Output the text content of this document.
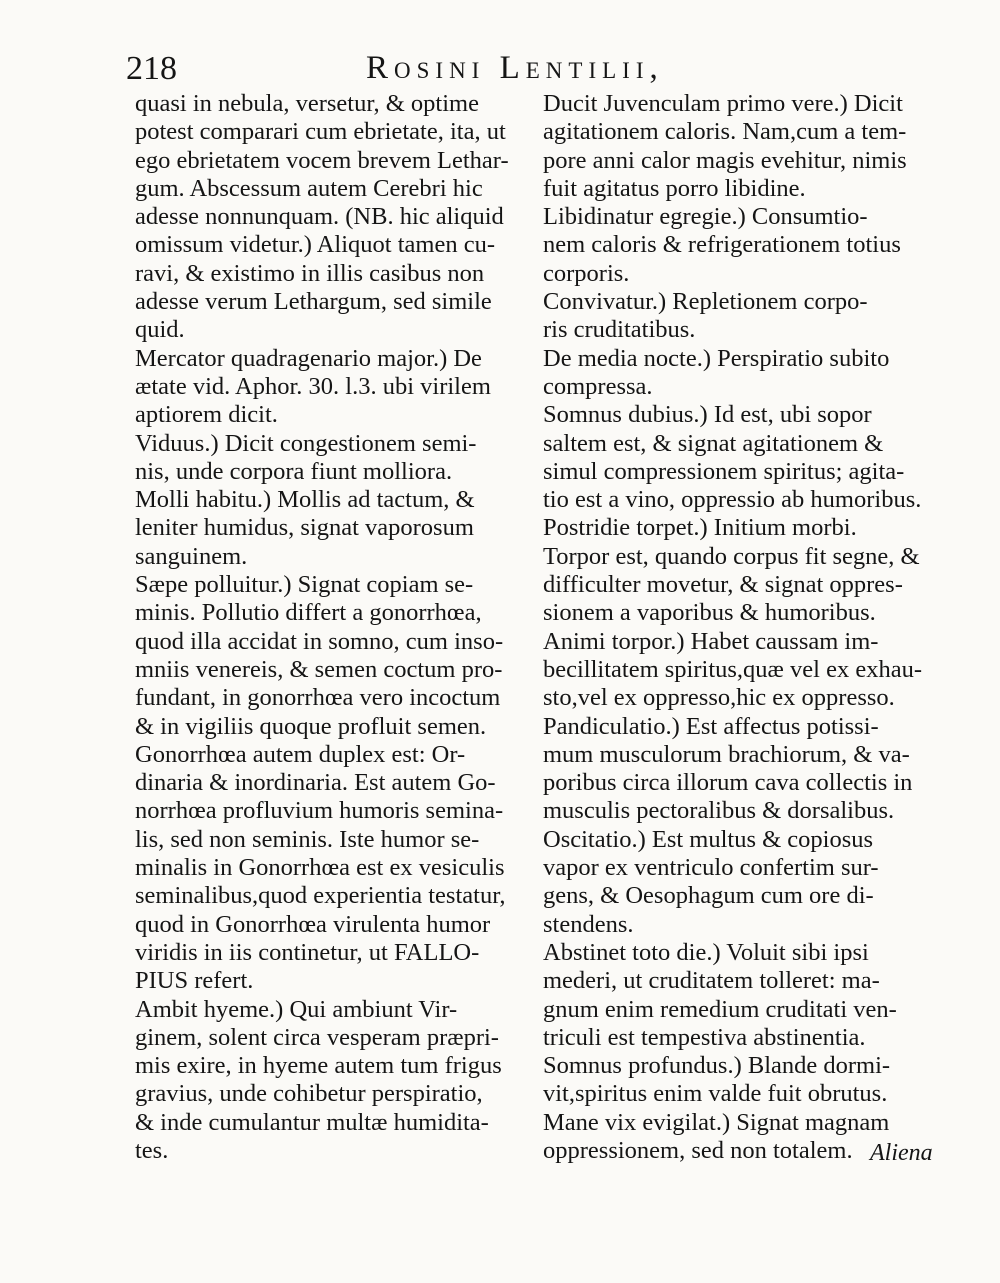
218	Rosini Lentilii,
quasi in nebula, versetur, & optime
potest comparari cum ebrietate, ita, ut
ego ebrietatem vocem brevem Lethar-
gum. Abscessum autem Cerebri hic
adesse nonnunquam. (NB. hic aliquid
omissum videtur.) Aliquot tamen cu-
ravi, & existimo in illis casibus non
adesse verum Lethargum, sed simile
quid.
Mercator quadragenario major.) De
ætate vid. Aphor. 30. l.3. ubi virilem
aptiorem dicit.
Viduus.) Dicit congestionem semi-
nis, unde corpora fiunt molliora.
Molli habitu.) Mollis ad tactum, &
leniter humidus, signat vaporosum
sanguinem.
Sæpe polluitur.) Signat copiam se-
minis. Pollutio differt a gonorrhœa,
quod illa accidat in somno, cum inso-
mniis venereis, & semen coctum pro-
fundant, in gonorrhœa vero incoctum
& in vigiliis quoque profluit semen.
Gonorrhœa autem duplex est: Or-
dinaria & inordinaria. Est autem Go-
norrhœa profluvium humoris semina-
lis, sed non seminis. Iste humor se-
minalis in Gonorrhœa est ex vesiculis
seminalibus,quod experientia testatur,
quod in Gonorrhœa virulenta humor
viridis in iis continetur, ut FALLO-
PIUS refert.
Ambit hyeme.) Qui ambiunt Vir-
ginem, solent circa vesperam præpri-
mis exire, in hyeme autem tum frigus
gravius, unde cohibetur perspiratio,
& inde cumulantur multæ humidita-
tes.
Ducit Juvenculam primo vere.) Dicit
agitationem caloris. Nam,cum a tem-
pore anni calor magis evehitur, nimis
fuit agitatus porro libidine.
Libidinatur egregie.) Consumtio-
nem caloris & refrigerationem totius
corporis.
Convivatur.) Repletionem corpo-
ris cruditatibus.
De media nocte.) Perspiratio subito
compressa.
Somnus dubius.) Id est, ubi sopor
saltem est, & signat agitationem &
simul compressionem spiritus; agita-
tio est a vino, oppressio ab humoribus.
Postridie torpet.) Initium morbi.
Torpor est, quando corpus fit segne, &
difficulter movetur, & signat oppres-
sionem a vaporibus & humoribus.
Animi torpor.) Habet caussam im-
becillitatem spiritus,quæ vel ex exhau-
sto,vel ex oppresso,hic ex oppresso.
Pandiculatio.) Est affectus potissi-
mum musculorum brachiorum, & va-
poribus circa illorum cava collectis in
musculis pectoralibus & dorsalibus.
Oscitatio.) Est multus & copiosus
vapor ex ventriculo confertim sur-
gens, & Oesophagum cum ore di-
stendens.
Abstinet toto die.) Voluit sibi ipsi
mederi, ut cruditatem tolleret: ma-
gnum enim remedium cruditati ven-
triculi est tempestiva abstinentia.
Somnus profundus.) Blande dormi-
vit,spiritus enim valde fuit obrutus.
Mane vix evigilat.) Signat magnam
oppressionem, sed non totalem. Aliena
